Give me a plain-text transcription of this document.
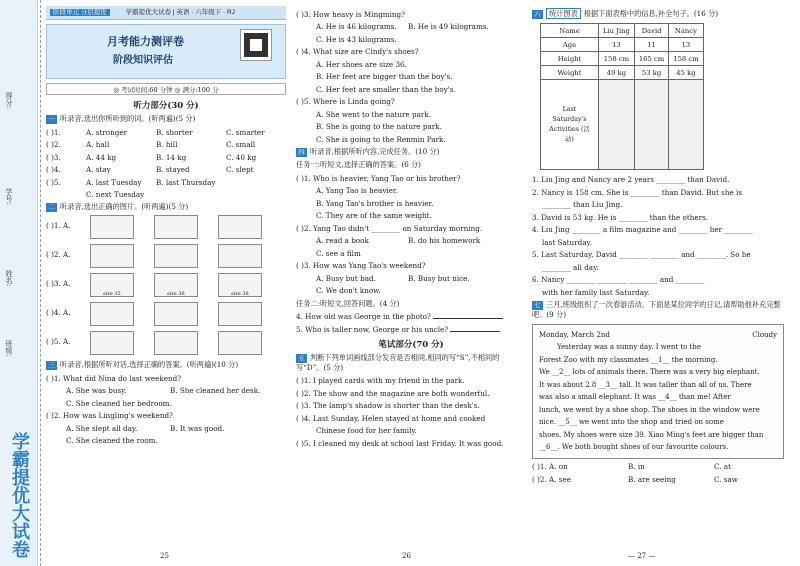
得分:
学号:
姓名:
班级:
学霸提优大试卷
阶段单元 分层提优	学霸提优大试卷 | 英语 · 六年级下 · RJ
月考能力测评卷
阶段知识评估
◎ 考试时间:60 分钟 ◎ 满分:100 分
听力部分(30 分)
一 听录音,选出你所听到的词。(听两遍)(5 分)
( )1.	A. stronger	B. shorter	C. smarter
( )2.	A. hall	B. hill	C. small
( )3.	A. 44 kg	B. 14 kg	C. 40 kg
( )4.	A. stay	B. stayed	C. slept
( )5.	A. last Tuesday B. last Thursday
C. next Tuesday
二 听录音,选出正确的图片。(听两遍)(5 分)
( )1. A.
( )2. A.
( )3. A.
size 35	size 36	size 38
( )4. A.
( )5. A.
三 听录音,根据所听对话,选择正确的答案。(听两遍)(10 分)
( )1. What did Nina do last weekend?
A. She was busy.	B. She cleaned her desk.
C. She cleaned her bedroom.
( )2. How was Lingling's weekend?
A. She slept all day.	B. It was good.
C. She cleaned the room.
25
( )3. How heavy is Mingming?
A. He is 46 kilograms. B. He is 49 kilograms.
C. He is 43 kilograms.
( )4. What size are Cindy's shoes?
A. Her shoes are size 36.
B. Her feet are bigger than the boy's.
C. Her feet are smaller than the boy's.
( )5. Where is Linda going?
A. She went to the nature park.
B. She is going to the nature park.
C. She is going to the Renmin Park.
四 听录音,根据所听内容,完成任务。(10 分)
任务一:听短文,选择正确的答案。(6 分)
( )1. Who is heavier, Yang Tao or his brother?
A. Yang Tao is heavier.
B. Yang Tao's brother is heavier.
C. They are of the same weight.
( )2. Yang Tao didn't ________ on Saturday morning.
A. read a book	B. do his homework
C. see a film
( )3. How was Yang Tao's weekend?
A. Busy but bad.	B. Busy but nice.
C. We don't know.
任务二:听短文,回答问题。(4 分)
4. How old was George in the photo?
5. Who is taller now, George or his uncle?
笔试部分(70 分)
五 判断下列单词画线部分发音是否相同,相同的写“S”,不相同的写“D”。(5 分)
( )1. I played cards with my friend in the park.
( )2. The show and the magazine are both wonderful.
( )3. The lamp's shadow is shorter than the desk's.
( )4. Last Sunday, Helen stayed at home and cooked
Chinese food for her family.
( )5. I cleaned my desk at school last Friday. It was good.
26
六 统计图表 根据下面表格中的信息,补全句子。(16 分)
Name	Liu Jing	David	Nancy
Age	13	11	13
Height	158 cm	165 cm	158 cm
Weight	49 kg	53 kg	45 kg
Last Saturday's Activities (活动)			
1. Liu Jing and Nancy are 2 years ________ than David.
2. Nancy is 158 cm. She is ________ than David. But she is
________ than Liu Jing.
3. David is 53 kg. He is ________ than the others.
4. Liu Jing ________ a film magazine and ________ her ________
last Saturday.
5. Last Saturday, David ________ ________ and ________. So he
________ all day.
6. Nancy ________ ________ ________ and ________
with her family last Saturday.
七 三月,班级组织了一次春游活动。下面是某位同学的日记,请帮助他补充完整吧。(9 分)
Monday, March 2nd	Cloudy
Yesterday was a sunny day. I went to the
Forest Zoo with my classmates __1__ the morning.
We __2__ lots of animals there. There was a very big elephant.
It was about 2.8 __3__ tall. It was taller than all of us. There
was also a small elephant. It was __4__ than me! After
lunch, we went by a shoe shop. The shoes in the window were
nice. __5__ we went into the shop and tried on some
shoes. My shoes were size 39. Xiao Ming's feet are bigger than
__6__. We both bought shoes of our favourite colours.
( )1. A. on	B. in	C. at
( )2. A. see	B. are seeing	C. saw
— 27 —
